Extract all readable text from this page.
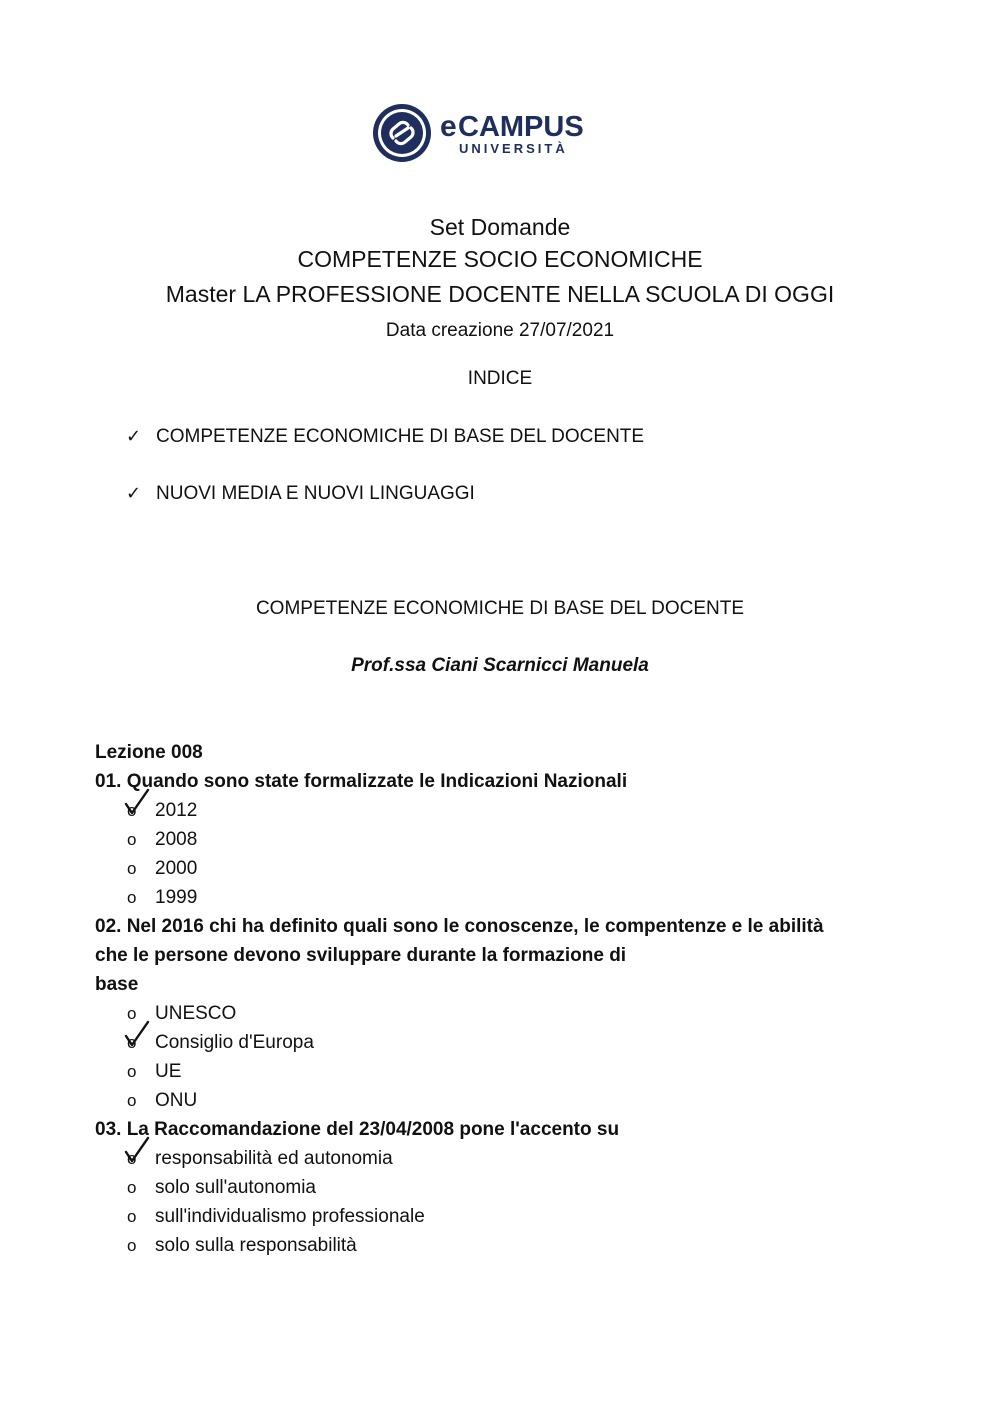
e CAMPUS
UNIVERSITÀ
Set Domande
COMPETENZE SOCIO ECONOMICHE
Master LA PROFESSIONE DOCENTE NELLA SCUOLA DI OGGI
Data creazione 27/07/2021
INDICE
✓ COMPETENZE ECONOMICHE DI BASE DEL DOCENTE
✓ NUOVI MEDIA E NUOVI LINGUAGGI
COMPETENZE ECONOMICHE DI BASE DEL DOCENTE
Prof.ssa Ciani Scarnicci Manuela
Lezione 008
01. Quando sono state formalizzate le Indicazioni Nazionali
o 2012
o 2008
o 2000
o 1999
02. Nel 2016 chi ha definito quali sono le conoscenze, le compentenze e le abilità
che le persone devono sviluppare durante la formazione di
base
o UNESCO
o Consiglio d'Europa
o UE
o ONU
03. La Raccomandazione del 23/04/2008 pone l'accento su
o responsabilità ed autonomia
o solo sull'autonomia
o sull'individualismo professionale
o solo sulla responsabilità
